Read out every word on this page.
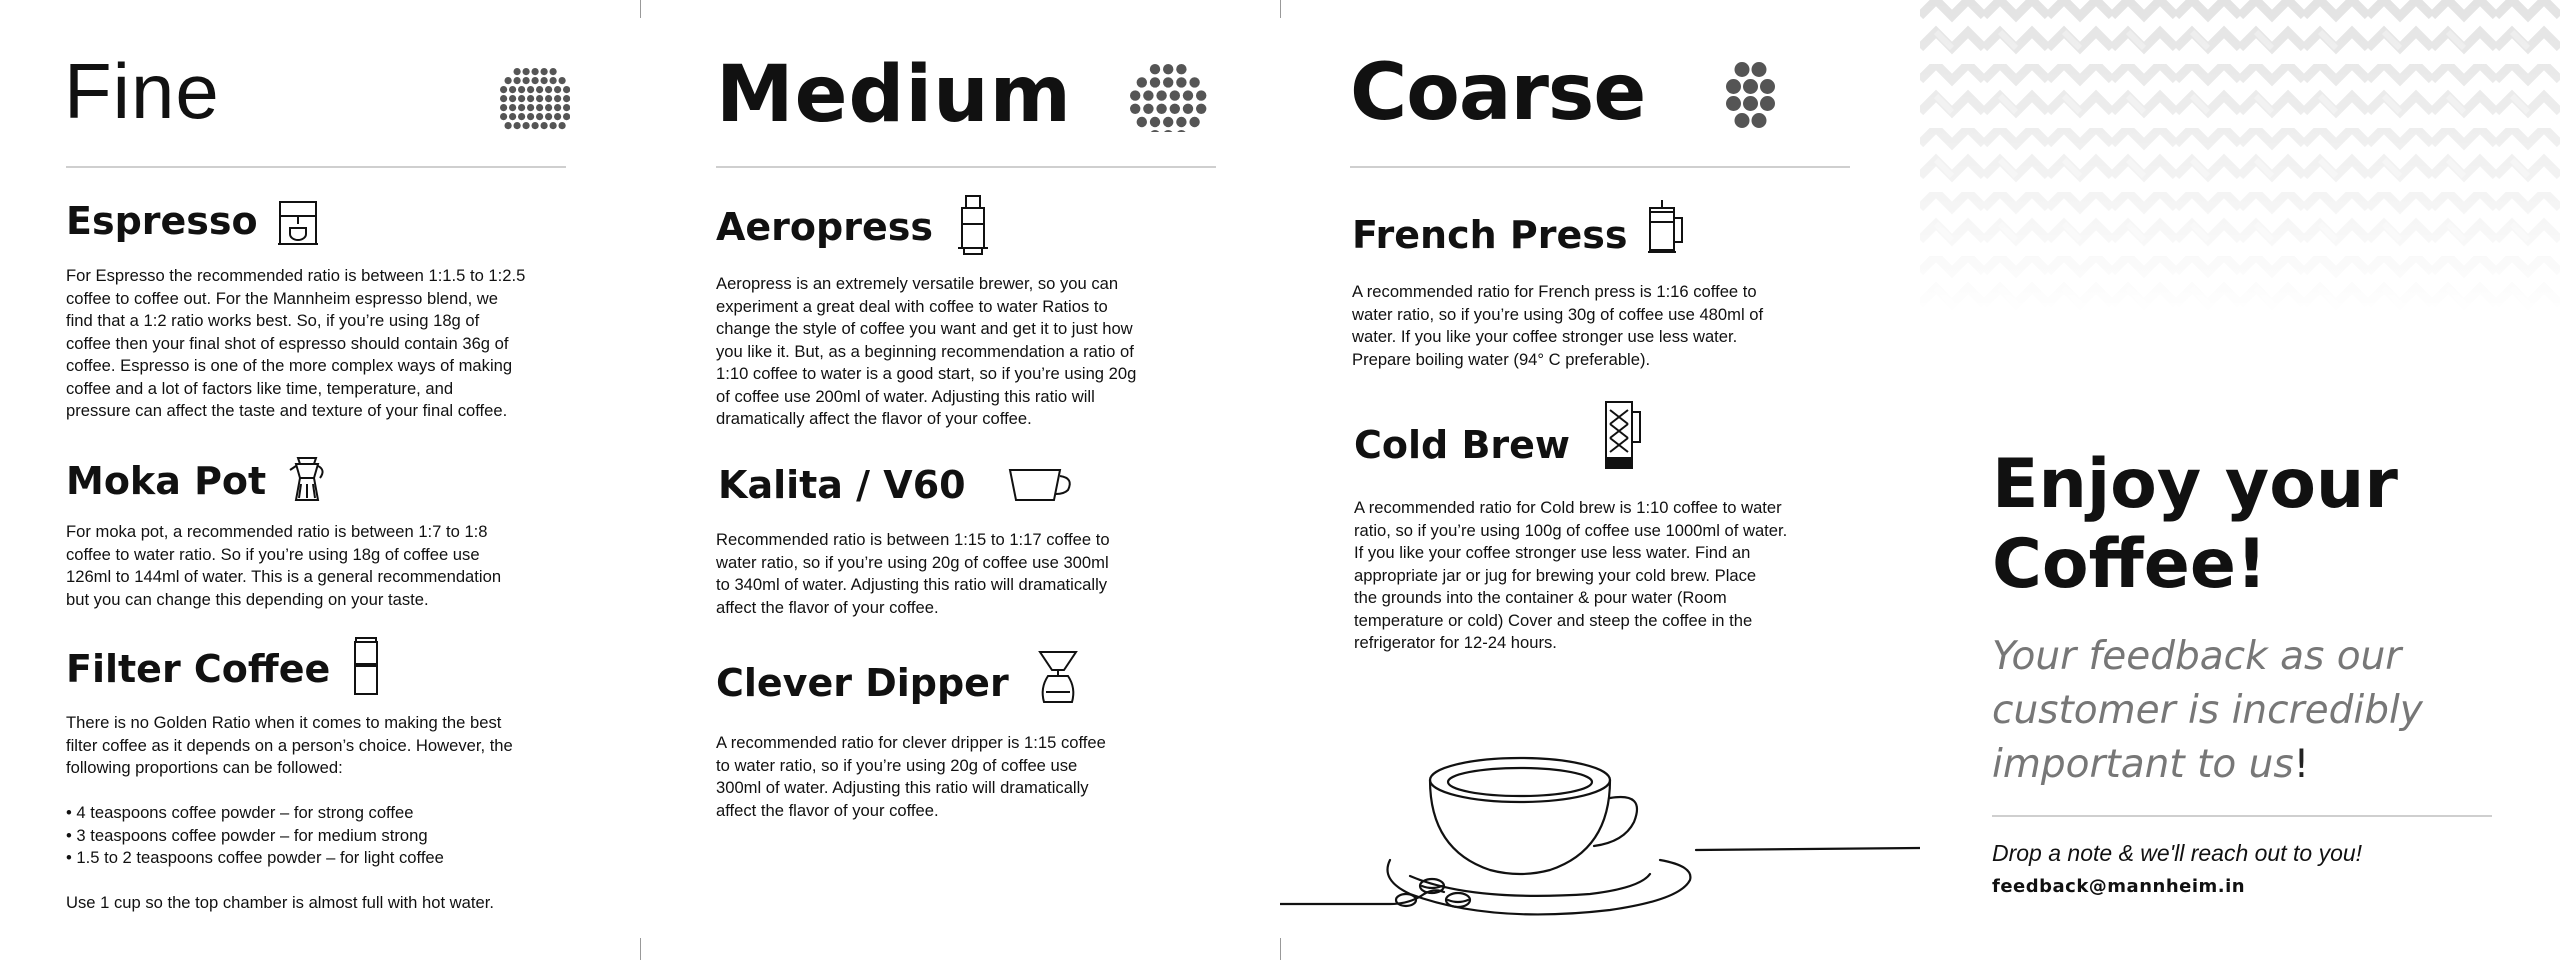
Fine
Espresso

For Espresso the recommended ratio is between 1:1.5 to 1:2.5
coffee to coffee out. For the Mannheim espresso blend, we
find that a 1:2 ratio works best. So, if you’re using 18g of
coffee then your final shot of espresso should contain 36g of
coffee. Espresso is one of the more complex ways of making
coffee and a lot of factors like time, temperature, and
pressure can affect the taste and texture of your final coffee.

Moka Pot

For moka pot, a recommended ratio is between 1:7 to 1:8
coffee to water ratio. So if you’re using 18g of coffee use
126ml to 144ml of water. This is a general recommendation
but you can change this depending on your taste.

Filter Coffee

There is no Golden Ratio when it comes to making the best
filter coffee as it depends on a person’s choice. However, the
following proportions can be followed:

• 4 teaspoons coffee powder – for strong coffee

• 3 teaspoons coffee powder – for medium strong

• 1.5 to 2 teaspoons coffee powder – for light coffee

Use 1 cup so the top chamber is almost full with hot water.

Medium
Aeropress

Aeropress is an extremely versatile brewer, so you can
experiment a great deal with coffee to water Ratios to
change the style of coffee you want and get it to just how
you like it. But, as a beginning recommendation a ratio of
1:10 coffee to water is a good start, so if you’re using 20g
of coffee use 200ml of water. Adjusting this ratio will
dramatically affect the flavor of your coffee.

Kalita / V60

Recommended ratio is between 1:15 to 1:17 coffee to
water ratio, so if you’re using 20g of coffee use 300ml
to 340ml of water. Adjusting this ratio will dramatically
affect the flavor of your coffee.

Clever Dipper

A recommended ratio for clever dripper is 1:15 coffee
to water ratio, so if you’re using 20g of coffee use
300ml of water. Adjusting this ratio will dramatically
affect the flavor of your coffee.

Coarse
French Press

A recommended ratio for French press is 1:16 coffee to
water ratio, so if you’re using 30g of coffee use 480ml of
water. If you like your coffee stronger use less water.
Prepare boiling water (94° C preferable).

Cold Brew

A recommended ratio for Cold brew is 1:10 coffee to water
ratio, so if you’re using 100g of coffee use 1000ml of water.
If you like your coffee stronger use less water. Find an
appropriate jar or jug for brewing your cold brew. Place
the grounds into the container & pour water (Room
temperature or cold) Cover and steep the coffee in the
refrigerator for 12-24 hours.

Enjoy your
Coffee!
Your feedback as our
customer is incredibly
important to us!
Drop a note & we'll reach out to you!
feedback@mannheim.in
